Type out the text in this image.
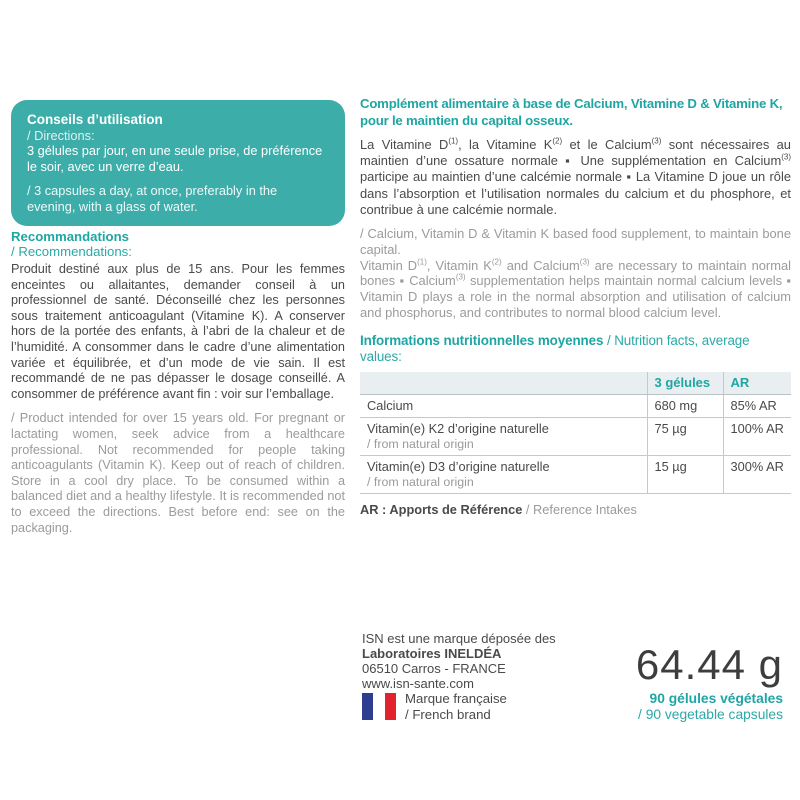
Conseils d’utilisation
/ Directions:

3 gélules par jour, en une seule prise, de préférence le soir, avec un verre d’eau.

/ 3 capsules a day, at once, preferably in the evening, with a glass of water.

Recommandations
/ Recommendations:

Produit destiné aux plus de 15 ans. Pour les femmes enceintes ou allaitantes, demander conseil à un professionnel de santé. Déconseillé chez les personnes sous traitement anticoagulant (Vitamine K). A conserver hors de la portée des enfants, à l’abri de la chaleur et de l’humidité. A consommer dans le cadre d’une alimentation variée et équilibrée, et d’un mode de vie sain. Il est recommandé de ne pas dépasser le dosage conseillé. A consommer de préférence avant fin : voir sur l’emballage.

/ Product intended for over 15 years old. For pregnant or lactating women, seek advice from a healthcare professional. Not recommended for people taking anticoagulants (Vitamin K). Keep out of reach of children. Store in a cool dry place. To be consumed within a balanced diet and a healthy lifestyle. It is recommended not to exceed the directions. Best before end: see on the packaging.

Complément alimentaire à base de Calcium, Vitamine D & Vitamine K,
pour le maintien du capital osseux.

La Vitamine $D^{(1)}$, la Vitamine $K^{(2)}$ et le Calcium$^{(3)}$ sont nécessaires au maintien d’une ossature normale ▪ Une supplémentation en Calcium$^{(3)}$ participe au maintien d’une calcémie normale ▪ La Vitamine D joue un rôle dans l’absorption et l’utilisation normales du calcium et du phosphore, et contribue à une calcémie normale.

/ Calcium, Vitamin D & Vitamin K based food supplement, to maintain bone capital.
Vitamin $D^{(1)}$, Vitamin $K^{(2)}$ and Calcium$^{(3)}$ are necessary to maintain normal bones ▪ Calcium$^{(3)}$ supplementation helps maintain normal calcium levels ▪ Vitamin D plays a role in the normal absorption and utilisation of calcium and phosphorus, and contributes to normal blood calcium level.

Informations nutritionnelles moyennes / Nutrition facts, average values:
	3 gélules	AR

Calcium	680 mg	85% AR

Vitamin(e) K2 d’origine naturelle
/ from natural origin	75 µg	100% AR

Vitamin(e) D3 d’origine naturelle
/ from natural origin	15 µg	300% AR
AR : Apports de Référence / Reference Intakes
ISN est une marque déposée des
Laboratoires INELDÉA
06510 Carros - FRANCE
www.isn-sante.com
Marque française
/ French brand
64.44 g
90 gélules végétales
/ 90 vegetable capsules
